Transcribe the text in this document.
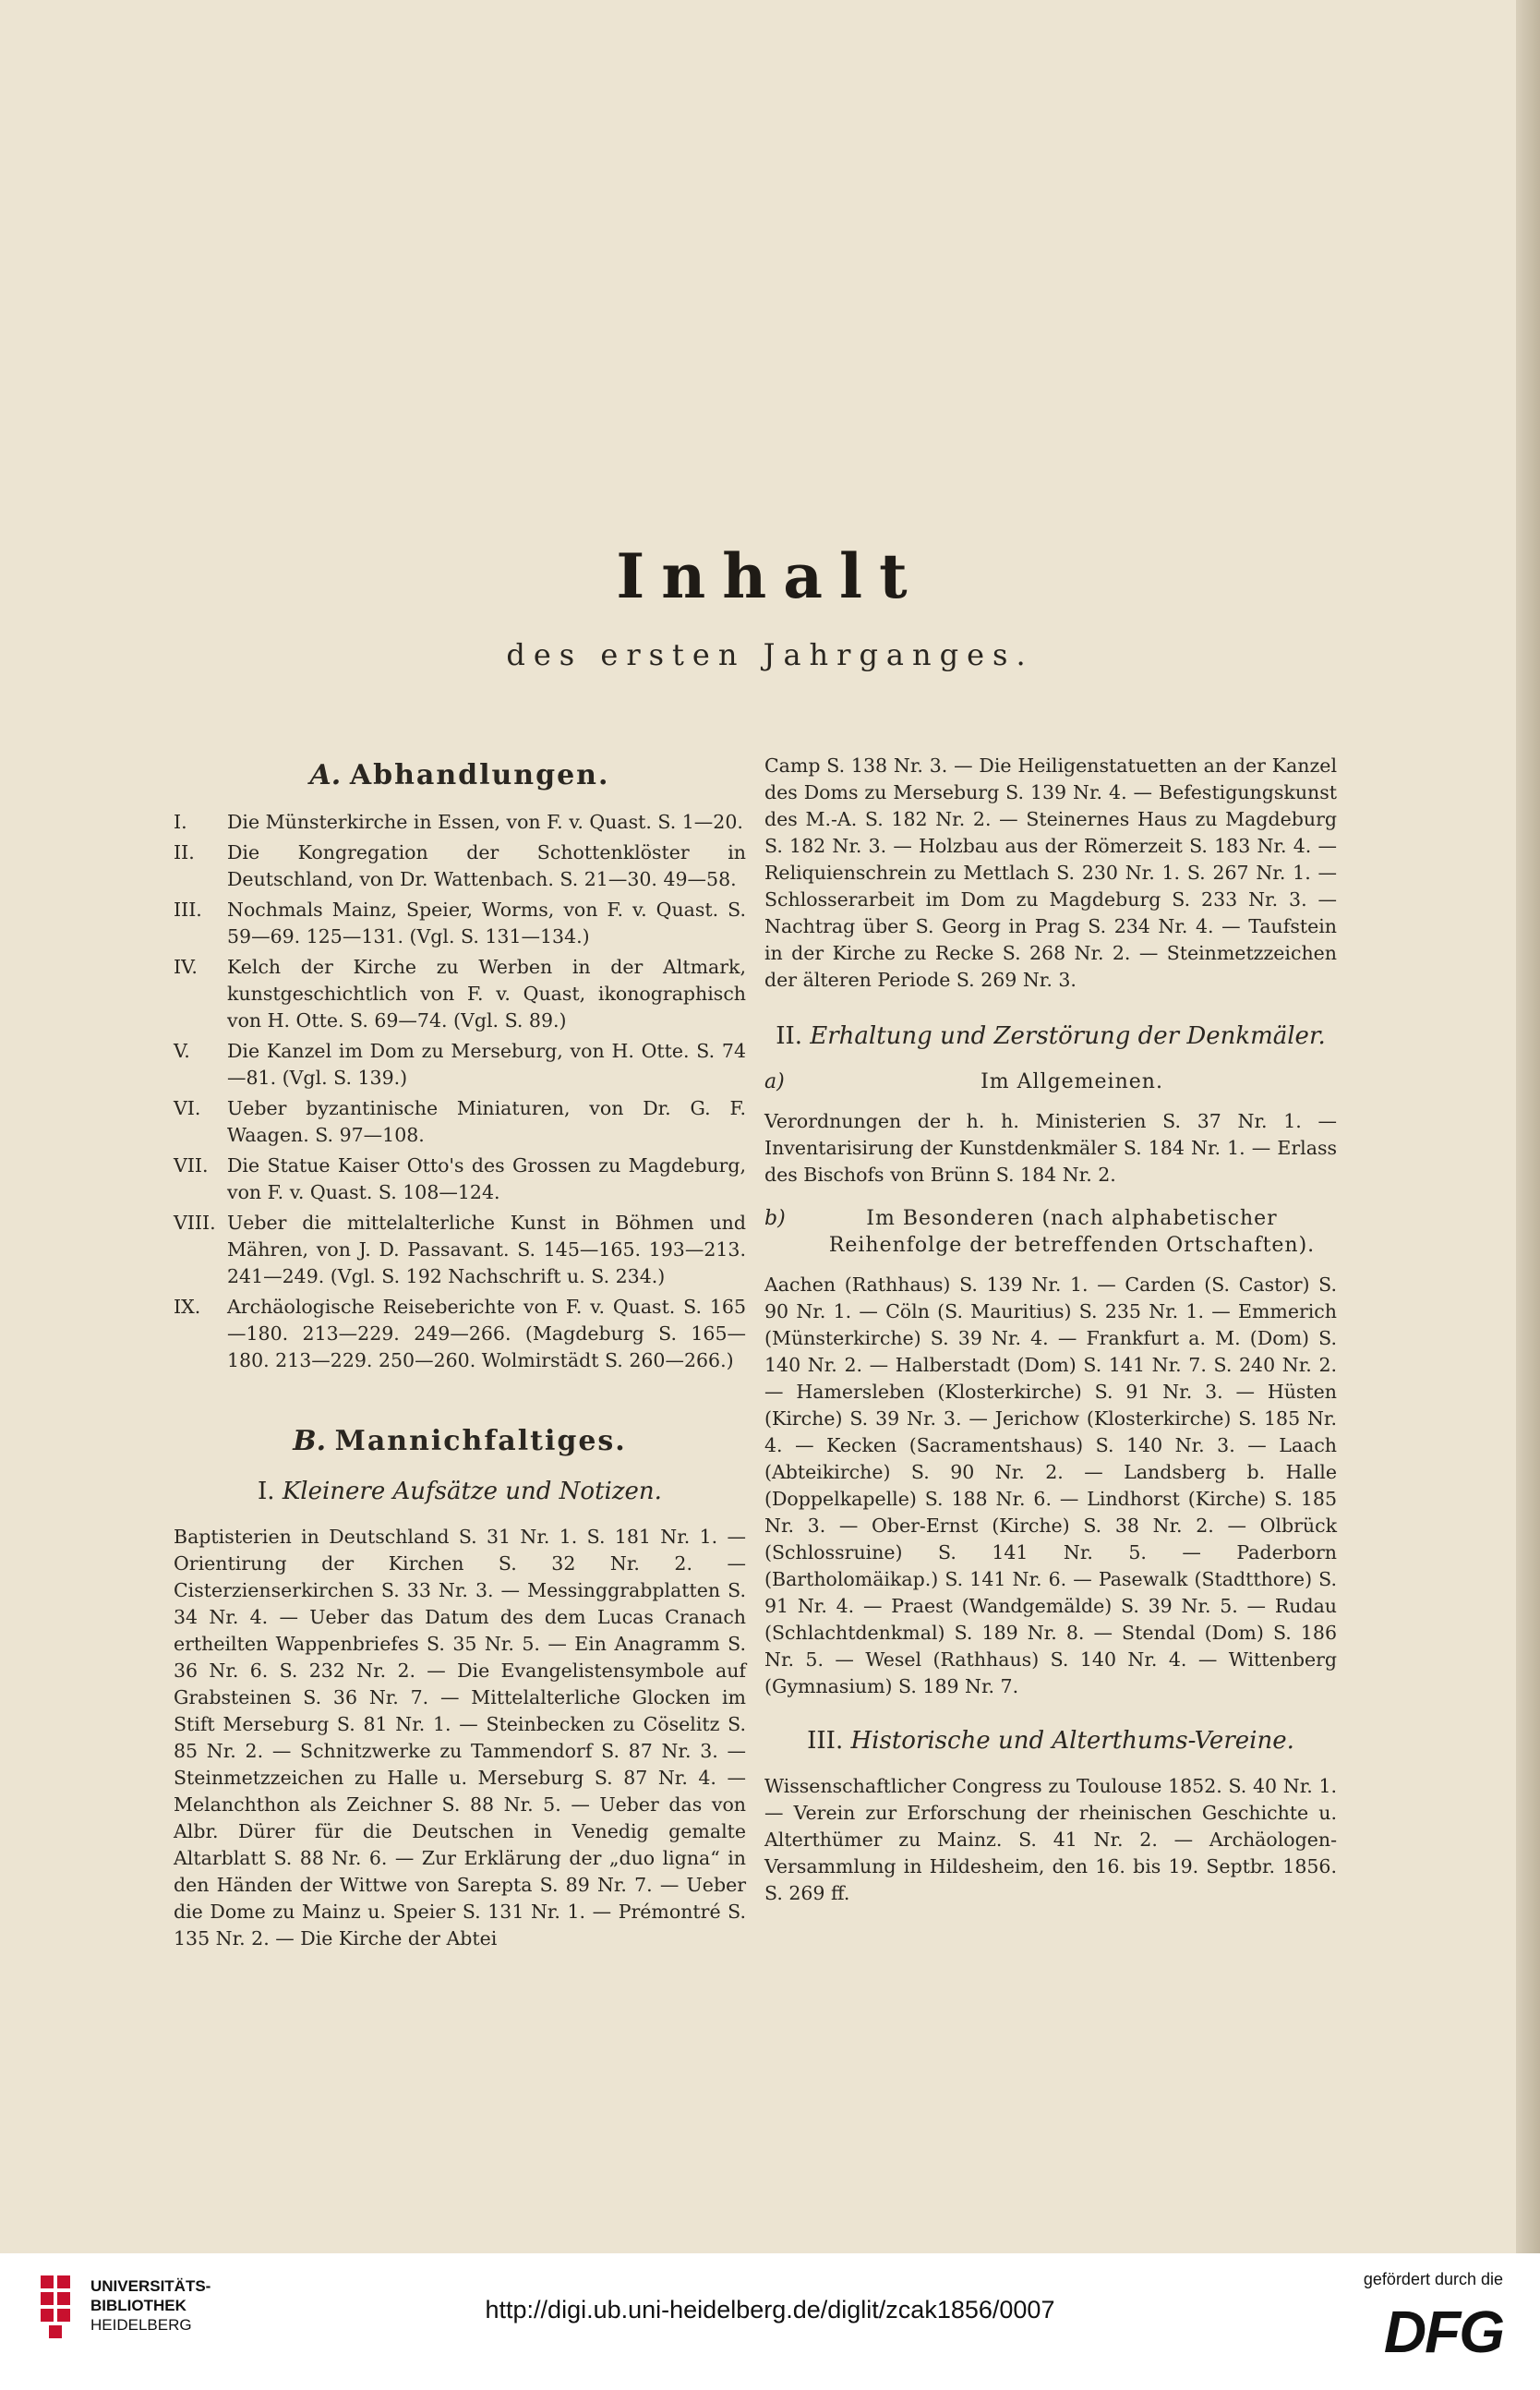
Inhalt
des ersten Jahrganges.
A. Abhandlungen.
I.	Die Münsterkirche in Essen, von F. v. Quast. S. 1—20.
II.	Die Kongregation der Schottenklöster in Deutschland, von Dr. Wattenbach. S. 21—30. 49—58.
III.	Nochmals Mainz, Speier, Worms, von F. v. Quast. S. 59—69. 125—131. (Vgl. S. 131—134.)
IV.	Kelch der Kirche zu Werben in der Altmark, kunstgeschichtlich von F. v. Quast, ikonographisch von H. Otte. S. 69—74. (Vgl. S. 89.)
V.	Die Kanzel im Dom zu Merseburg, von H. Otte. S. 74—81. (Vgl. S. 139.)
VI.	Ueber byzantinische Miniaturen, von Dr. G. F. Waagen. S. 97—108.
VII. Die Statue Kaiser Otto's des Grossen zu Magdeburg, von F. v. Quast. S. 108—124.
VIII. Ueber die mittelalterliche Kunst in Böhmen und Mähren, von J. D. Passavant. S. 145—165. 193—213. 241—249. (Vgl. S. 192 Nachschrift u. S. 234.)
IX.	Archäologische Reiseberichte von F. v. Quast. S. 165—180. 213—229. 249—266. (Magdeburg S. 165—180. 213—229. 250—260. Wolmirstädt S. 260—266.)
B. Mannichfaltiges.
I. Kleinere Aufsätze und Notizen.
Baptisterien in Deutschland S. 31 Nr. 1. S. 181 Nr. 1. — Orientirung der Kirchen S. 32 Nr. 2. — Cisterzienserkirchen S. 33 Nr. 3. — Messinggrabplatten S. 34 Nr. 4. — Ueber das Datum des dem Lucas Cranach ertheilten Wappenbriefes S. 35 Nr. 5. — Ein Anagramm S. 36 Nr. 6. S. 232 Nr. 2. — Die Evangelistensymbole auf Grabsteinen S. 36 Nr. 7. — Mittelalterliche Glocken im Stift Merseburg S. 81 Nr. 1. — Steinbecken zu Cöselitz S. 85 Nr. 2. — Schnitzwerke zu Tammendorf S. 87 Nr. 3. — Steinmetzzeichen zu Halle u. Merseburg S. 87 Nr. 4. — Melanchthon als Zeichner S. 88 Nr. 5. — Ueber das von Albr. Dürer für die Deutschen in Venedig gemalte Altarblatt S. 88 Nr. 6. — Zur Erklärung der „duo ligna“ in den Händen der Wittwe von Sarepta S. 89 Nr. 7. — Ueber die Dome zu Mainz u. Speier S. 131 Nr. 1. — Prémontré S. 135 Nr. 2. — Die Kirche der Abtei
Camp S. 138 Nr. 3. — Die Heiligenstatuetten an der Kanzel des Doms zu Merseburg S. 139 Nr. 4. — Befestigungskunst des M.-A. S. 182 Nr. 2. — Steinernes Haus zu Magdeburg S. 182 Nr. 3. — Holzbau aus der Römerzeit S. 183 Nr. 4. — Reliquienschrein zu Mettlach S. 230 Nr. 1. S. 267 Nr. 1. — Schlosserarbeit im Dom zu Magdeburg S. 233 Nr. 3. — Nachtrag über S. Georg in Prag S. 234 Nr. 4. — Taufstein in der Kirche zu Recke S. 268 Nr. 2. — Steinmetzzeichen der älteren Periode S. 269 Nr. 3.
II. Erhaltung und Zerstörung der Denkmäler.
a)	Im Allgemeinen.
Verordnungen der h. h. Ministerien S. 37 Nr. 1. — Inventarisirung der Kunstdenkmäler S. 184 Nr. 1. — Erlass des Bischofs von Brünn S. 184 Nr. 2.
b)	Im Besonderen (nach alphabetischer Reihenfolge der betreffenden Ortschaften).
Aachen (Rathhaus) S. 139 Nr. 1. — Carden (S. Castor) S. 90 Nr. 1. — Cöln (S. Mauritius) S. 235 Nr. 1. — Emmerich (Münsterkirche) S. 39 Nr. 4. — Frankfurt a. M. (Dom) S. 140 Nr. 2. — Halberstadt (Dom) S. 141 Nr. 7. S. 240 Nr. 2. — Hamersleben (Klosterkirche) S. 91 Nr. 3. — Hüsten (Kirche) S. 39 Nr. 3. — Jerichow (Klosterkirche) S. 185 Nr. 4. — Kecken (Sacramentshaus) S. 140 Nr. 3. — Laach (Abteikirche) S. 90 Nr. 2. — Landsberg b. Halle (Doppelkapelle) S. 188 Nr. 6. — Lindhorst (Kirche) S. 185 Nr. 3. — Ober-Ernst (Kirche) S. 38 Nr. 2. — Olbrück (Schlossruine) S. 141 Nr. 5. — Paderborn (Bartholomäikap.) S. 141 Nr. 6. — Pasewalk (Stadtthore) S. 91 Nr. 4. — Praest (Wandgemälde) S. 39 Nr. 5. — Rudau (Schlachtdenkmal) S. 189 Nr. 8. — Stendal (Dom) S. 186 Nr. 5. — Wesel (Rathhaus) S. 140 Nr. 4. — Wittenberg (Gymnasium) S. 189 Nr. 7.
III. Historische und Alterthums-Vereine.
Wissenschaftlicher Congress zu Toulouse 1852. S. 40 Nr. 1. — Verein zur Erforschung der rheinischen Geschichte u. Alterthümer zu Mainz. S. 41 Nr. 2. — Archäologen-Versammlung in Hildesheim, den 16. bis 19. Septbr. 1856. S. 269 ff.
UNIVERSITÄTS-
BIBLIOTHEK
HEIDELBERG
http://digi.ub.uni-heidelberg.de/diglit/zcak1856/0007
gefördert durch die
DFG
